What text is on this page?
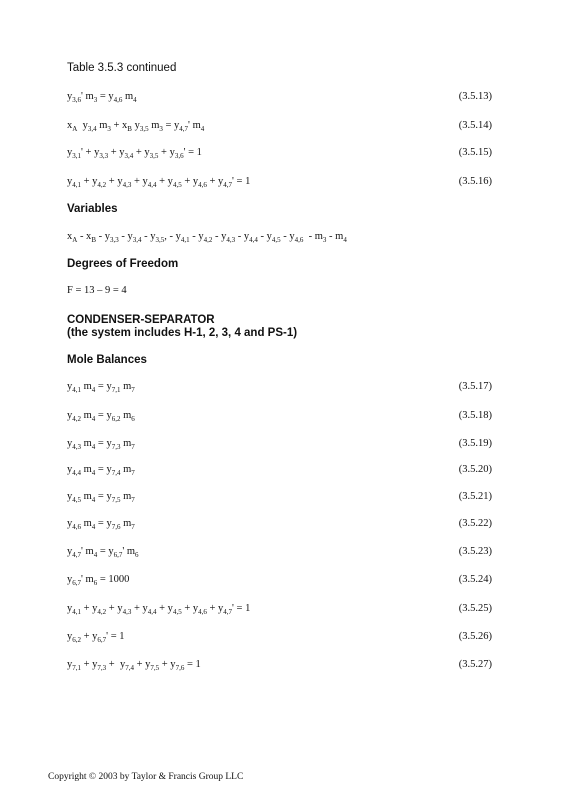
Table 3.5.3 continued
$y_{3,6}'$ $m_3 = y_{4,6}$ $m_4$	(3.5.13)
$x_A$  $y_{3,4}$ $m_3 + x_B$ $y_{3,5}$ $m_3 = y_{4,7}'$ $m_4$	(3.5.14)
$y_{3,1}' + y_{3,3} + y_{3,4} + y_{3,5} + y_{3,6}' = 1$	(3.5.15)
$y_{4,1} + y_{4,2} + y_{4,3} + y_{4,4} + y_{4,5} + y_{4,6} + y_{4,7}' = 1$	(3.5.16)
Variables
$x_A - x_B - y_{3,3} - y_{3,4} - y_{3,5}$, - $y_{4,1} - y_{4,2} - y_{4,3} - y_{4,4} - y_{4,5} - y_{4,6} - m_3 - m_4$
Degrees of Freedom
F = 13 – 9 = 4
CONDENSER-SEPARATOR
(the system includes H-1, 2, 3, 4 and PS-1)
Mole Balances
$y_{4,1}$ $m_4 = y_{7,1}$ $m_7$	(3.5.17)
$y_{4,2}$ $m_4 = y_{6,2}$ $m_6$	(3.5.18)
$y_{4,3}$ $m_4 = y_{7,3}$ $m_7$	(3.5.19)
$y_{4,4}$ $m_4 = y_{7,4}$ $m_7$	(3.5.20)
$y_{4,5}$ $m_4 = y_{7,5}$ $m_7$	(3.5.21)
$y_{4,6}$ $m_4 = y_{7,6}$ $m_7$	(3.5.22)
$y_{4,7}'$ $m_4 = y_{6,7}'$ $m_6$	(3.5.23)
$y_{6,7}'$ $m_6 = 1000$	(3.5.24)
$y_{4,1} + y_{4,2} + y_{4,3} + y_{4,4} + y_{4,5} + y_{4,6} + y_{4,7}' = 1$	(3.5.25)
$y_{6,2} + y_{6,7}' = 1$	(3.5.26)
$y_{7,1} + y_{7,3} + y_{7,4} + y_{7,5} + y_{7,6} = 1$	(3.5.27)
Copyright © 2003 by Taylor & Francis Group LLC
